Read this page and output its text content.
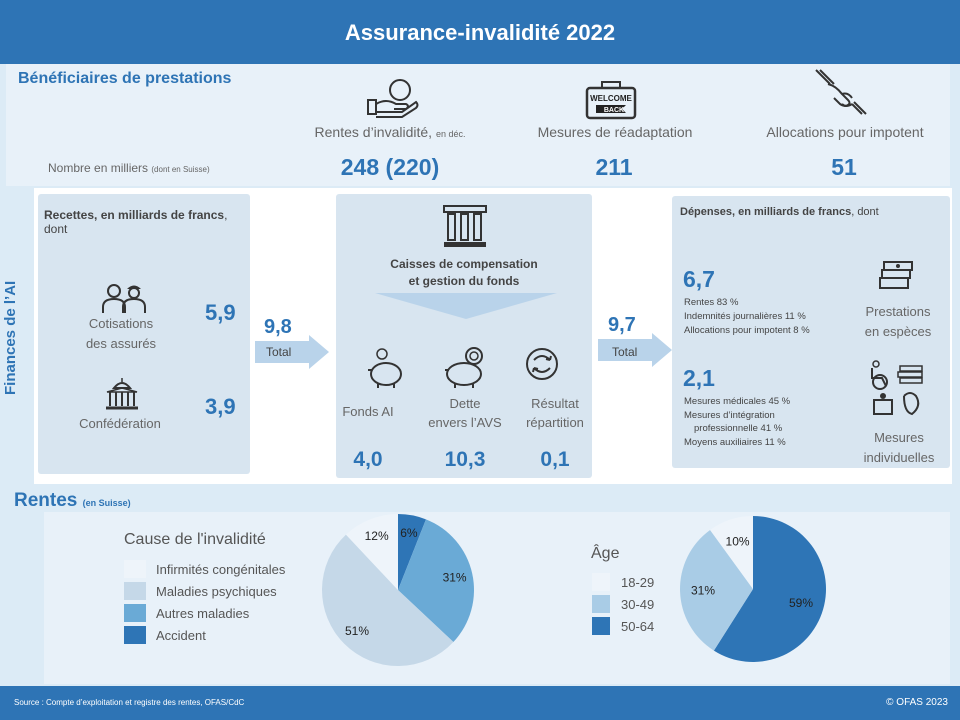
Assurance-invalidité 2022
Bénéficiaires de prestations
Nombre en milliers (dont en Suisse)
WELCOME
BACK
Rentes d’invalidité, en déc.	Mesures de réadaptation	Allocations pour impotent
248 (220)	211	51
Finances de l’AI
Recettes, en milliards de francs, dont
Cotisations
des assurés
5,9
Confédération
3,9
9,8
Total
Caisses de compensation
et gestion du fonds
Fonds AI
Dette
envers l’AVS
Résultat
répartition
4,0	10,3	0,1
9,7
Total
Dépenses, en milliards de francs, dont
6,7
Rentes 83 %
Indemnités journalières 11 %
Allocations pour impotent 8 %
Prestations
en espèces
2,1
Mesures médicales 45 %
Mesures d’intégration
professionnelle 41 %
Moyens auxiliaires 11 %	Mesures
individuelles
Rentes (en Suisse)
Cause de l'invalidité
Infirmités congénitales
Maladies psychiques
Autres maladies
Accident
6%
31%
51%
12%
Âge
18-29
30-49
50-64
59%
31%
10%
Source : Compte d’exploitation et registre des rentes, OFAS/CdC	© OFAS 2023
